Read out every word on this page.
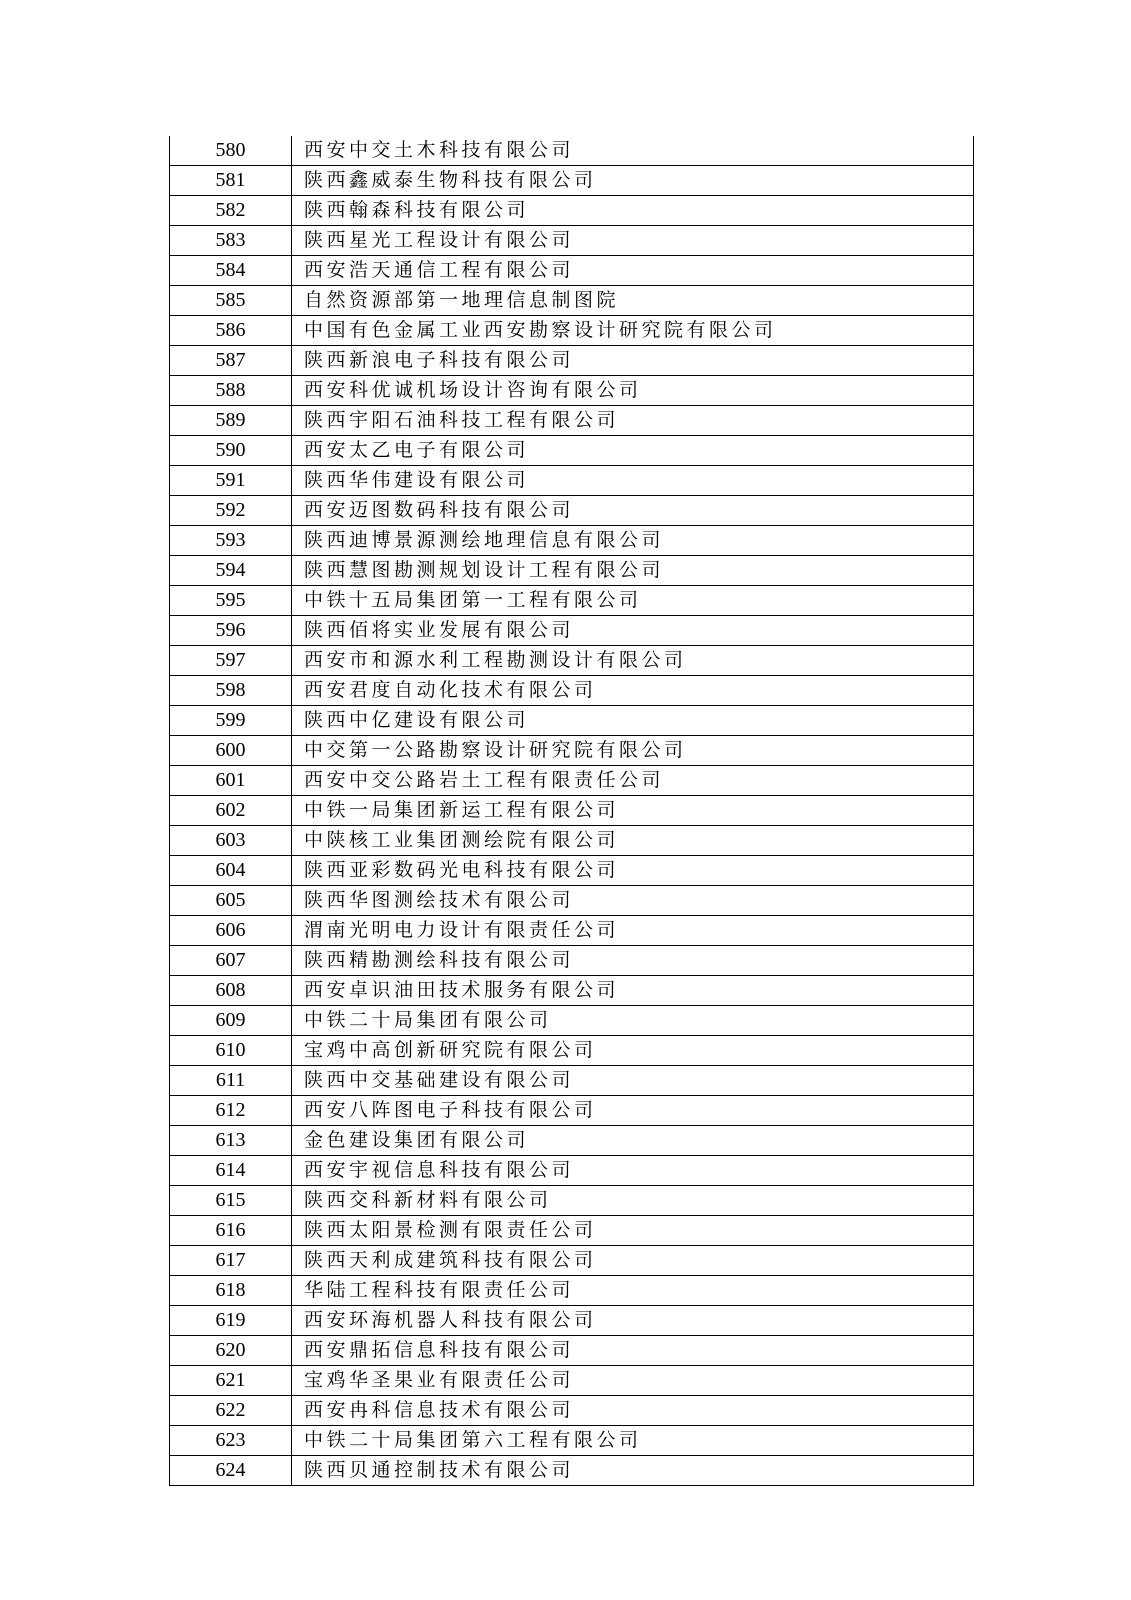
580	西安中交土木科技有限公司
581	陕西鑫威泰生物科技有限公司
582	陕西翰森科技有限公司
583	陕西星光工程设计有限公司
584	西安浩天通信工程有限公司
585	自然资源部第一地理信息制图院
586	中国有色金属工业西安勘察设计研究院有限公司
587	陕西新浪电子科技有限公司
588	西安科优诚机场设计咨询有限公司
589	陕西宇阳石油科技工程有限公司
590	西安太乙电子有限公司
591	陕西华伟建设有限公司
592	西安迈图数码科技有限公司
593	陕西迪博景源测绘地理信息有限公司
594	陕西慧图勘测规划设计工程有限公司
595	中铁十五局集团第一工程有限公司
596	陕西佰将实业发展有限公司
597	西安市和源水利工程勘测设计有限公司
598	西安君度自动化技术有限公司
599	陕西中亿建设有限公司
600	中交第一公路勘察设计研究院有限公司
601	西安中交公路岩土工程有限责任公司
602	中铁一局集团新运工程有限公司
603	中陕核工业集团测绘院有限公司
604	陕西亚彩数码光电科技有限公司
605	陕西华图测绘技术有限公司
606	渭南光明电力设计有限责任公司
607	陕西精勘测绘科技有限公司
608	西安卓识油田技术服务有限公司
609	中铁二十局集团有限公司
610	宝鸡中高创新研究院有限公司
611	陕西中交基础建设有限公司
612	西安八阵图电子科技有限公司
613	金色建设集团有限公司
614	西安宇视信息科技有限公司
615	陕西交科新材料有限公司
616	陕西太阳景检测有限责任公司
617	陕西天利成建筑科技有限公司
618	华陆工程科技有限责任公司
619	西安环海机器人科技有限公司
620	西安鼎拓信息科技有限公司
621	宝鸡华圣果业有限责任公司
622	西安冉科信息技术有限公司
623	中铁二十局集团第六工程有限公司
624	陕西贝通控制技术有限公司
